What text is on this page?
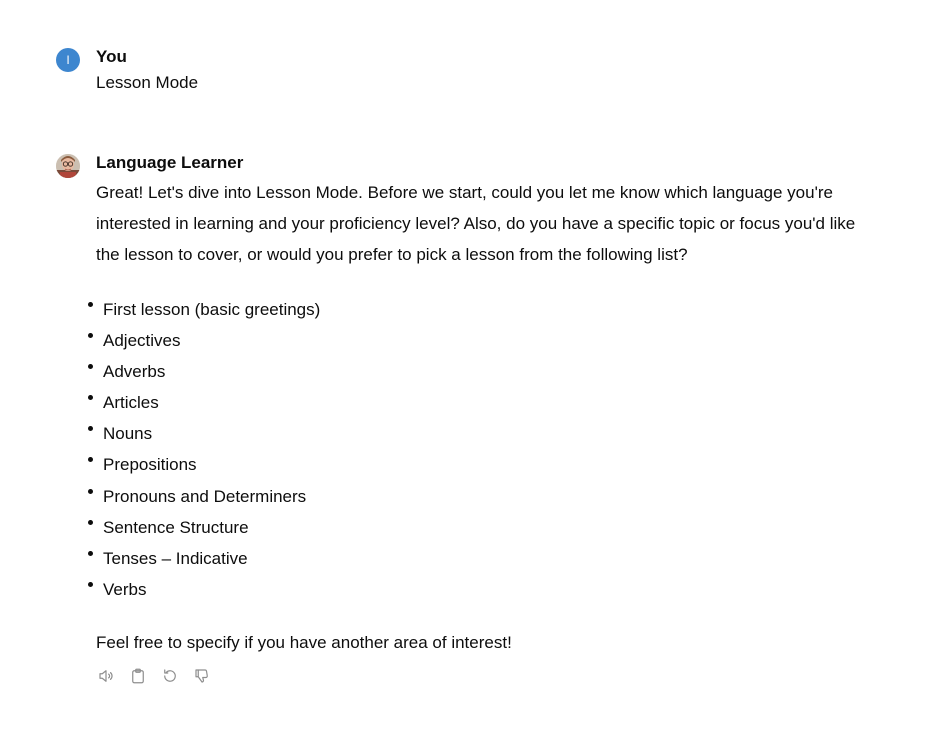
I	You

Lesson Mode

Language Learner

Great! Let's dive into Lesson Mode. Before we start, could you let me know which language you're interested in learning and your proficiency level? Also, do you have a specific topic or focus you'd like the lesson to cover, or would you prefer to pick a lesson from the following list?

First lesson (basic greetings)
Adjectives
Adverbs
Articles
Nouns
Prepositions
Pronouns and Determiners
Sentence Structure
Tenses – Indicative
Verbs

Feel free to specify if you have another area of interest!
